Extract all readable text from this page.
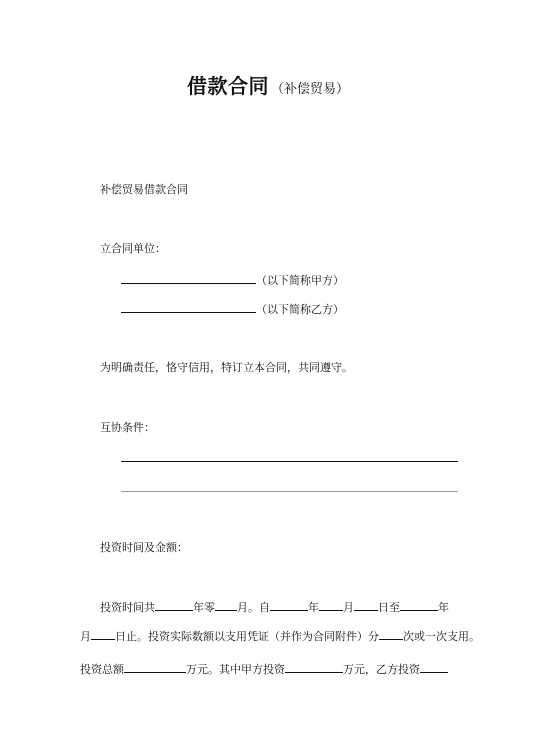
借款合同 （补偿贸易）
补偿贸易借款合同
立合同单位：
（以下简称甲方）
（以下简称乙方）
为明确责任，恪守信用，特订立本合同，共同遵守。
互协条件：
投资时间及金额：
投资时间共	年零 月。自	年 月 日至	年
月 日止。投资实际数额以支用凭证（并作为合同附件）分 次或一次支用。
投资总额	万元。其中甲方投资	万元，乙方投资
